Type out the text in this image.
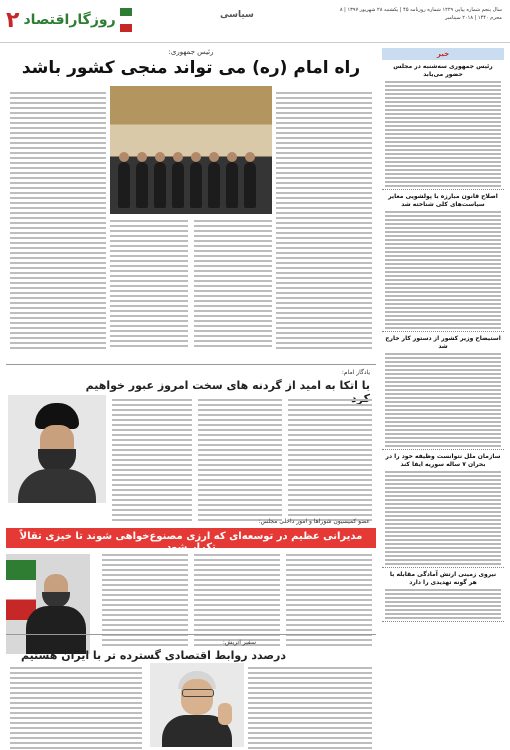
۲ روزگاراقتصاد	سیاسی	سال پنجم شماره پیاپی ۱۲۲۹ شماره روزنامه ۴۵ | یکشنبه ۲۸ شهریور ۱۳۹۷ | ۸ محرم ۱۴۴۰ | ۲۰۱۸ سپتامبر
خبر
رئیس جمهوری سه‌شنبه در مجلس حضور می‌یابد
اصلاح قانون مبارزه با پولشویی مغایر سیاست‌های کلی شناخته شد
استیضاح وزیر کشور از دستور کار خارج شد
سازمان ملل نتوانست وظیفه خود را در بحران ۷ ساله سوریه ایفا کند
نیروی زمینی ارتش آمادگی مقابله با هر گونه تهدیدی را دارد
رئیس جمهوری:
راه امام (ره) می تواند منجی کشور باشد
یادگار امام:
با اتکا به امید از گردنه های سخت امروز عبور خواهیم
عضو کمیسیون شوراها و امور داخلی مجلس:
مدیرانی عظیم در توسعه‌ای که ارزی مصنوع‌خواهی شوند تا خیزی تقالاً تکرار شود
سفیر اتریش:
درصدد روابط اقتصادی گسترده تر با ایران هستیم
